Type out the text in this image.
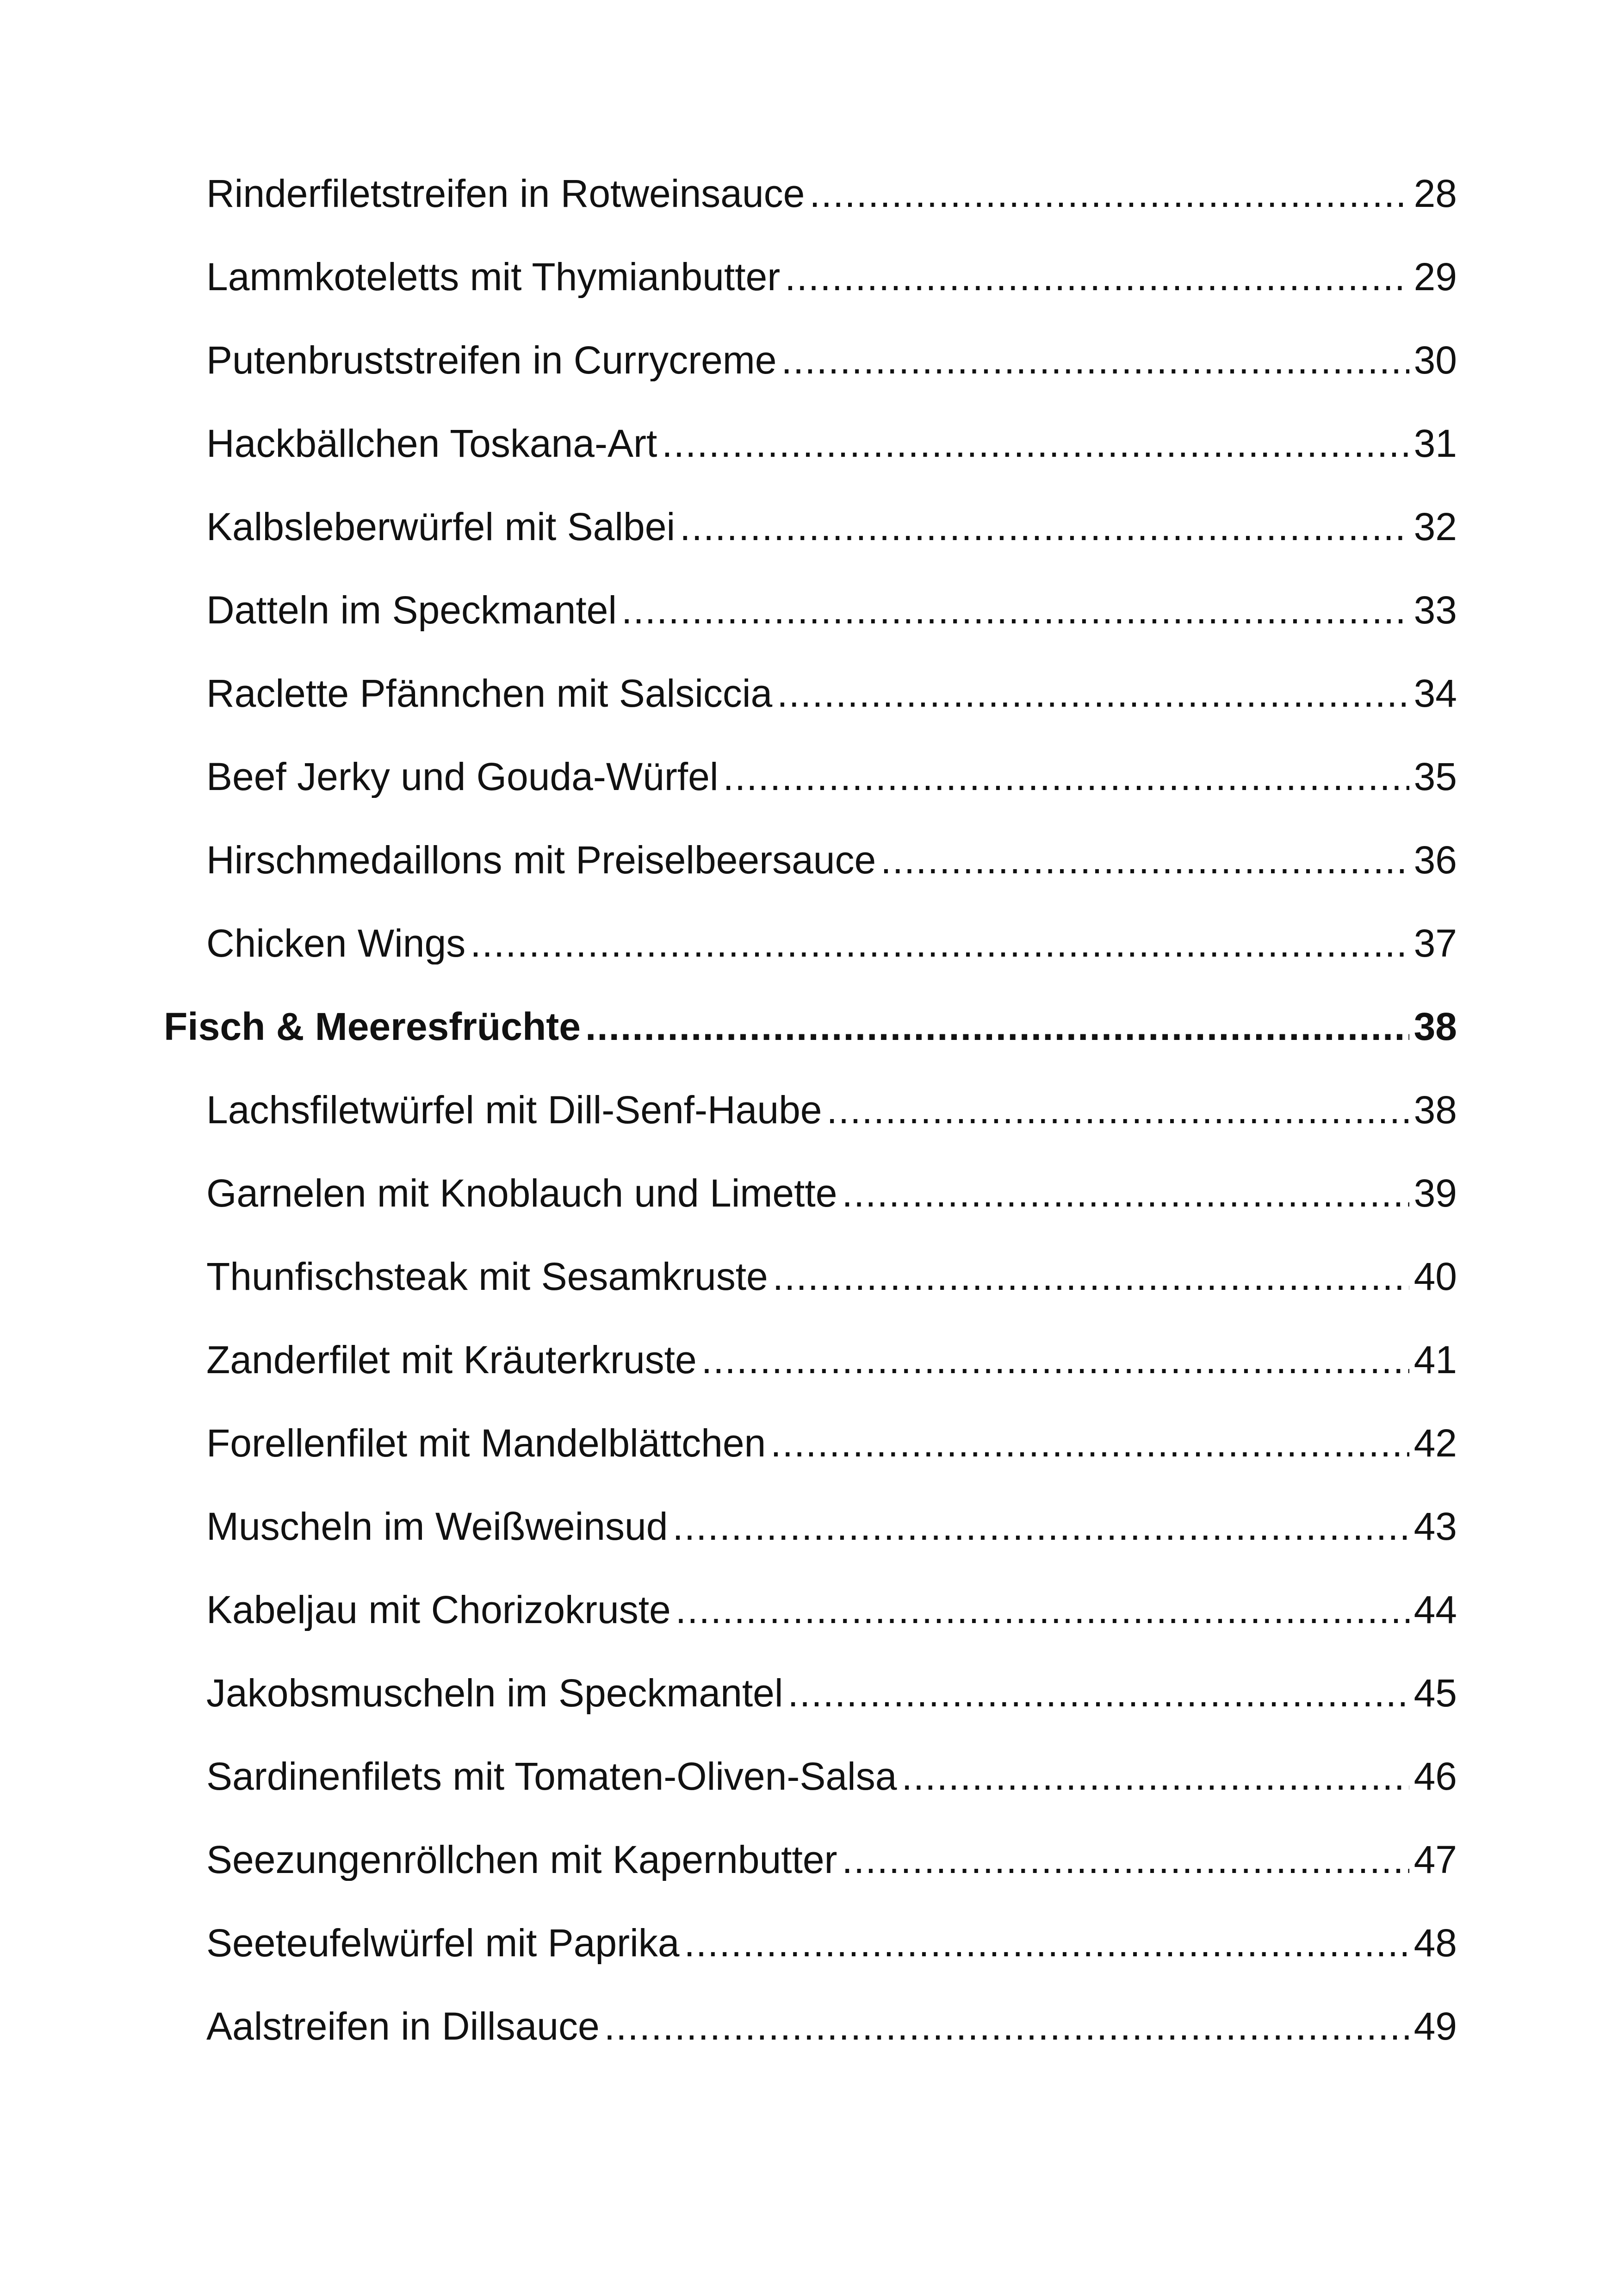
Rinderfiletstreifen in Rotweinsauce .....	28
Lammkoteletts mit Thymianbutter .....	29
Putenbruststreifen in Currycreme .....	30
Hackbällchen Toskana-Art .....	31
Kalbsleberwürfel mit Salbei .....	32
Datteln im Speckmantel .....	33
Raclette Pfännchen mit Salsiccia .....	34
Beef Jerky und Gouda-Würfel .....	35
Hirschmedaillons mit Preiselbeersauce .....	36
Chicken Wings .....	37
Fisch & Meeresfrüchte .....	38
Lachsfiletwürfel mit Dill-Senf-Haube .....	38
Garnelen mit Knoblauch und Limette .....	39
Thunfischsteak mit Sesamkruste .....	40
Zanderfilet mit Kräuterkruste .....	41
Forellenfilet mit Mandelblättchen .....	42
Muscheln im Weißweinsud .....	43
Kabeljau mit Chorizokruste .....	44
Jakobsmuscheln im Speckmantel .....	45
Sardinenfilets mit Tomaten-Oliven-Salsa .....	46
Seezungenröllchen mit Kapernbutter .....	47
Seeteufelwürfel mit Paprika .....	48
Aalstreifen in Dillsauce .....	49
